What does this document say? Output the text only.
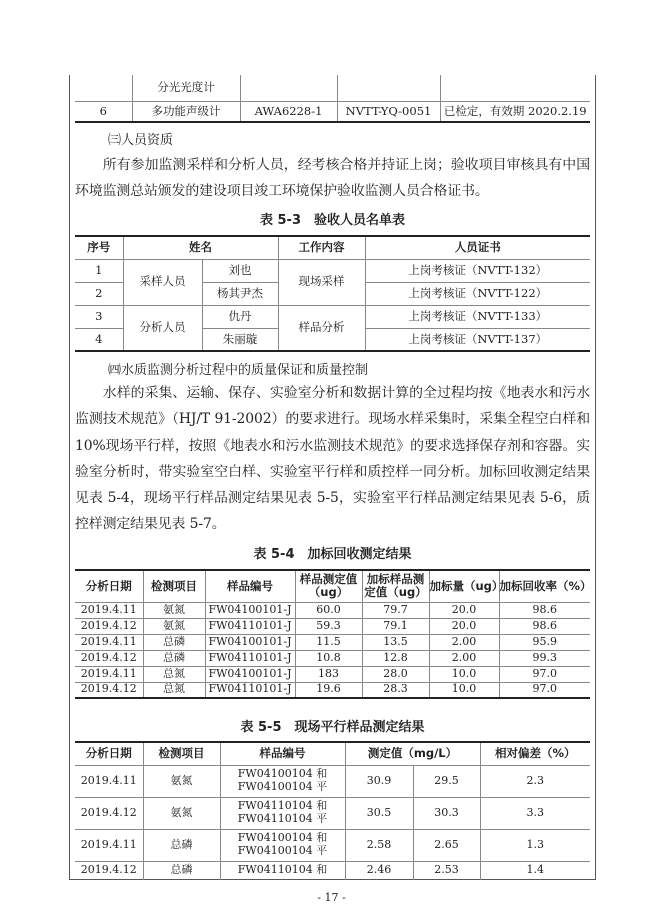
	分光光度计			
6	多功能声级计	AWA6228-1	NVTT-YQ-0051	已检定，有效期 2020.2.19
㈢人员资质
所有参加监测采样和分析人员，经考核合格并持证上岗；验收项目审核具有中国环境监测总站颁发的建设项目竣工环境保护验收监测人员合格证书。
表 5-3　验收人员名单表
序号	姓名		工作内容	人员证书
1	采样人员	刘也	现场采样	上岗考核证（NVTT-132）
2		杨其尹杰		上岗考核证（NVTT-122）
3	分析人员	仇丹	样品分析	上岗考核证（NVTT-133）
4		朱丽璇		上岗考核证（NVTT-137）
㈣水质监测分析过程中的质量保证和质量控制
水样的采集、运输、保存、实验室分析和数据计算的全过程均按《地表水和污水监测技术规范》（HJ/T 91-2002）的要求进行。现场水样采集时，采集全程空白样和 10%现场平行样，按照《地表水和污水监测技术规范》的要求选择保存剂和容器。实验室分析时，带实验室空白样、实验室平行样和质控样一同分析。加标回收测定结果见表 5-4，现场平行样品测定结果见表 5-5，实验室平行样品测定结果见表 5-6，质控样测定结果见表 5-7。
表 5-4　加标回收测定结果
分析日期	检测项目	样品编号	样品测定值（ug）	加标样品测定值（ug）	加标量（ug）	加标回收率（%）
2019.4.11	氨氮	FW04100101-J	60.0	79.7	20.0	98.6
2019.4.12	氨氮	FW04110101-J	59.3	79.1	20.0	98.6
2019.4.11	总磷	FW04100101-J	11.5	13.5	2.00	95.9
2019.4.12	总磷	FW04110101-J	10.8	12.8	2.00	99.3
2019.4.11	总氮	FW04100101-J	183	28.0	10.0	97.0
2019.4.12	总氮	FW04110101-J	19.6	28.3	10.0	97.0
表 5-5　现场平行样品测定结果
分析日期	检测项目	样品编号	测定值（mg/L）		相对偏差（%）
2019.4.11	氨氮	FW04100104 和
FW04100104 平	30.9	29.5	2.3
2019.4.12	氨氮	FW04110104 和
FW04110104 平	30.5	30.3	3.3
2019.4.11	总磷	FW04100104 和
FW04100104 平	2.58	2.65	1.3
2019.4.12	总磷	FW04110104 和	2.46	2.53	1.4
- 17 -
